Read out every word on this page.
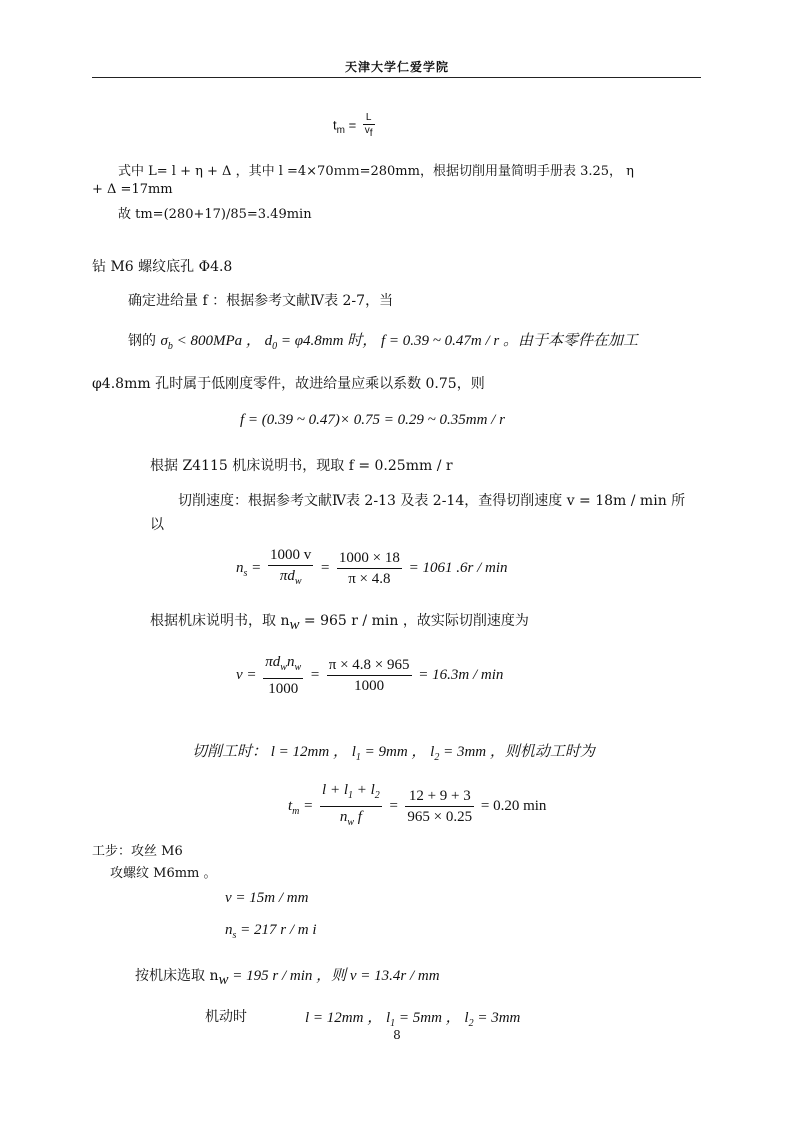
天津大学仁爱学院
$t_m = \frac{L}{v_f}$
式中 L= l + η + Δ ，其中 l =4×70ｍｍ=280mm，根据切削用量简明手册表 3.25， η
+ Δ =17mm
故 tm=(280+17)/85=3.49min
钻 M6 螺纹底孔 Φ4.8
确定进给量 f ：根据参考文献Ⅳ表 2-7，当
钢的 $\sigma_b < 800MPa$ ， $d_0 = \varphi 4.8mm$ 时， f = 0.39 ~ 0.47m / r 。由于本零件在加工
φ4.8mm 孔时属于低刚度零件，故进给量应乘以系数 0.75，则
f = (0.39 ~ 0.47)× 0.75 = 0.29 ~ 0.35mm / r
根据 Z4115 机床说明书，现取 f = 0.25mm / r
切削速度：根据参考文献Ⅳ表 2-13 及表 2-14，查得切削速度 v = 18m / min 所
以
$n_s = \frac{1000 v}{\pi d_w} = \frac{1000 \times 18}{\pi \times 4.8} = 1061$ .6r / min
根据机床说明书，取 $n_w = 965$ r / min ，故实际切削速度为
$v = \frac{\pi d_wn_w}{1000} = \frac{\pi \times 4.8 \times 965}{1000} = 16.3m / \min$
切削工时： l = 12mm ， $l_1 = 9mm$ ， $l_2 = 3mm$ ，则机动工时为
$t_m = \frac{l + l_1 + l_2}{n_w f} = \frac{12 + 9 + 3}{965 \times 0.25} = 0.20$ min
工步：攻丝 M6
攻螺纹 M6mm 。
v = 15m / mm
$n_s = 217$ r / m i
按机床选取 $n_w = 195$ r / min ，则 v = 13.4r / mm
机动时	l = 12mm ， $l_1 = 5mm$ ， $l_2 = 3mm$
8
